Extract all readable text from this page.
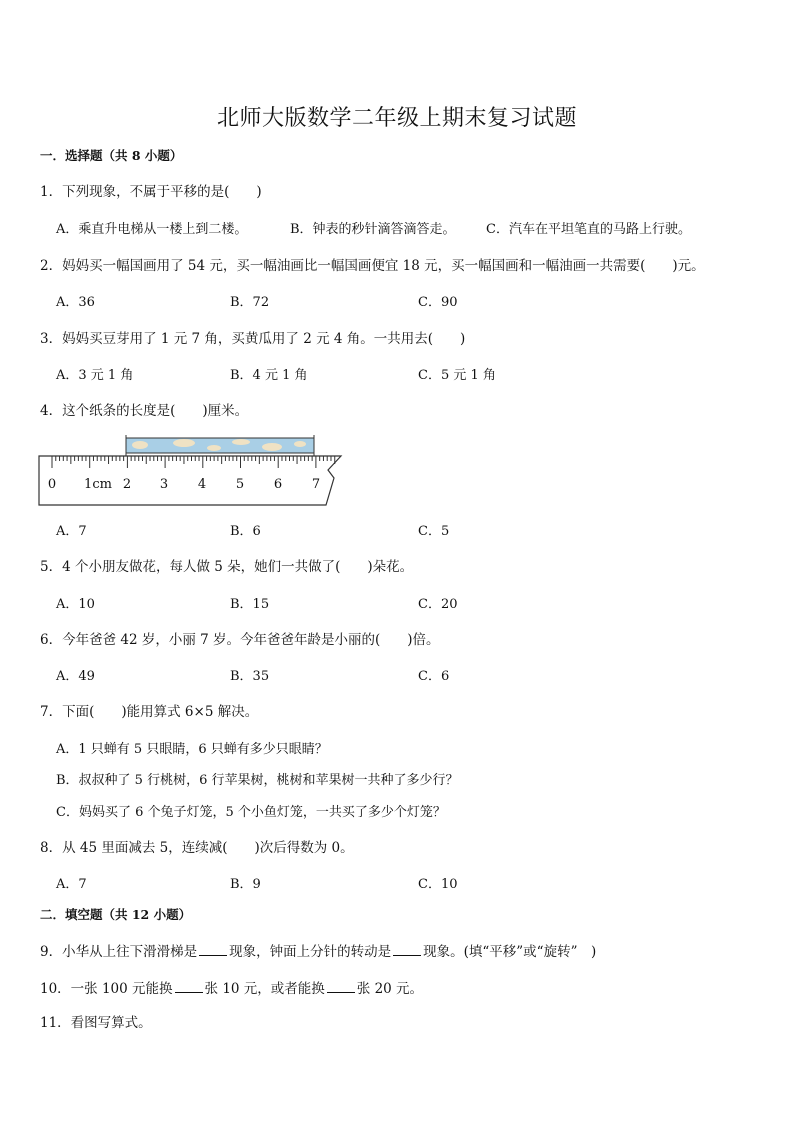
北师大版数学二年级上期末复习试题
一．选择题（共 8 小题）
1．下列现象，不属于平移的是(　　)
A．乘直升电梯从一楼上到二楼。	B．钟表的秒针滴答滴答走。 C．汽车在平坦笔直的马路上行驶。
2．妈妈买一幅国画用了 54 元，买一幅油画比一幅国画便宜 18 元，买一幅国画和一幅油画一共需要(　　)元。
A．36	B．72	C．90
3．妈妈买豆芽用了 1 元 7 角，买黄瓜用了 2 元 4 角。一共用去(　　)
A．3 元 1 角	B．4 元 1 角	C．5 元 1 角
4．这个纸条的长度是(　　)厘米。
0 1cm 2 3 4 5 6 7
A．7	B．6	C．5
5．4 个小朋友做花，每人做 5 朵，她们一共做了(　　)朵花。
A．10	B．15	C．20
6．今年爸爸 42 岁，小丽 7 岁。今年爸爸年龄是小丽的(　　)倍。
A．49	B．35	C．6
7．下面(　　)能用算式 6×5 解决。
A．1 只蝉有 5 只眼睛，6 只蝉有多少只眼睛？
B．叔叔种了 5 行桃树，6 行苹果树，桃树和苹果树一共种了多少行？
C．妈妈买了 6 个兔子灯笼，5 个小鱼灯笼，一共买了多少个灯笼？
8．从 45 里面减去 5，连续减(　　)次后得数为 0。
A．7	B．9	C．10
二．填空题（共 12 小题）
9．小华从上往下滑滑梯是 现象，钟面上分针的转动是 现象。(填“平移”或“旋转”　)
10．一张 100 元能换 张 10 元，或者能换 张 20 元。
11．看图写算式。
